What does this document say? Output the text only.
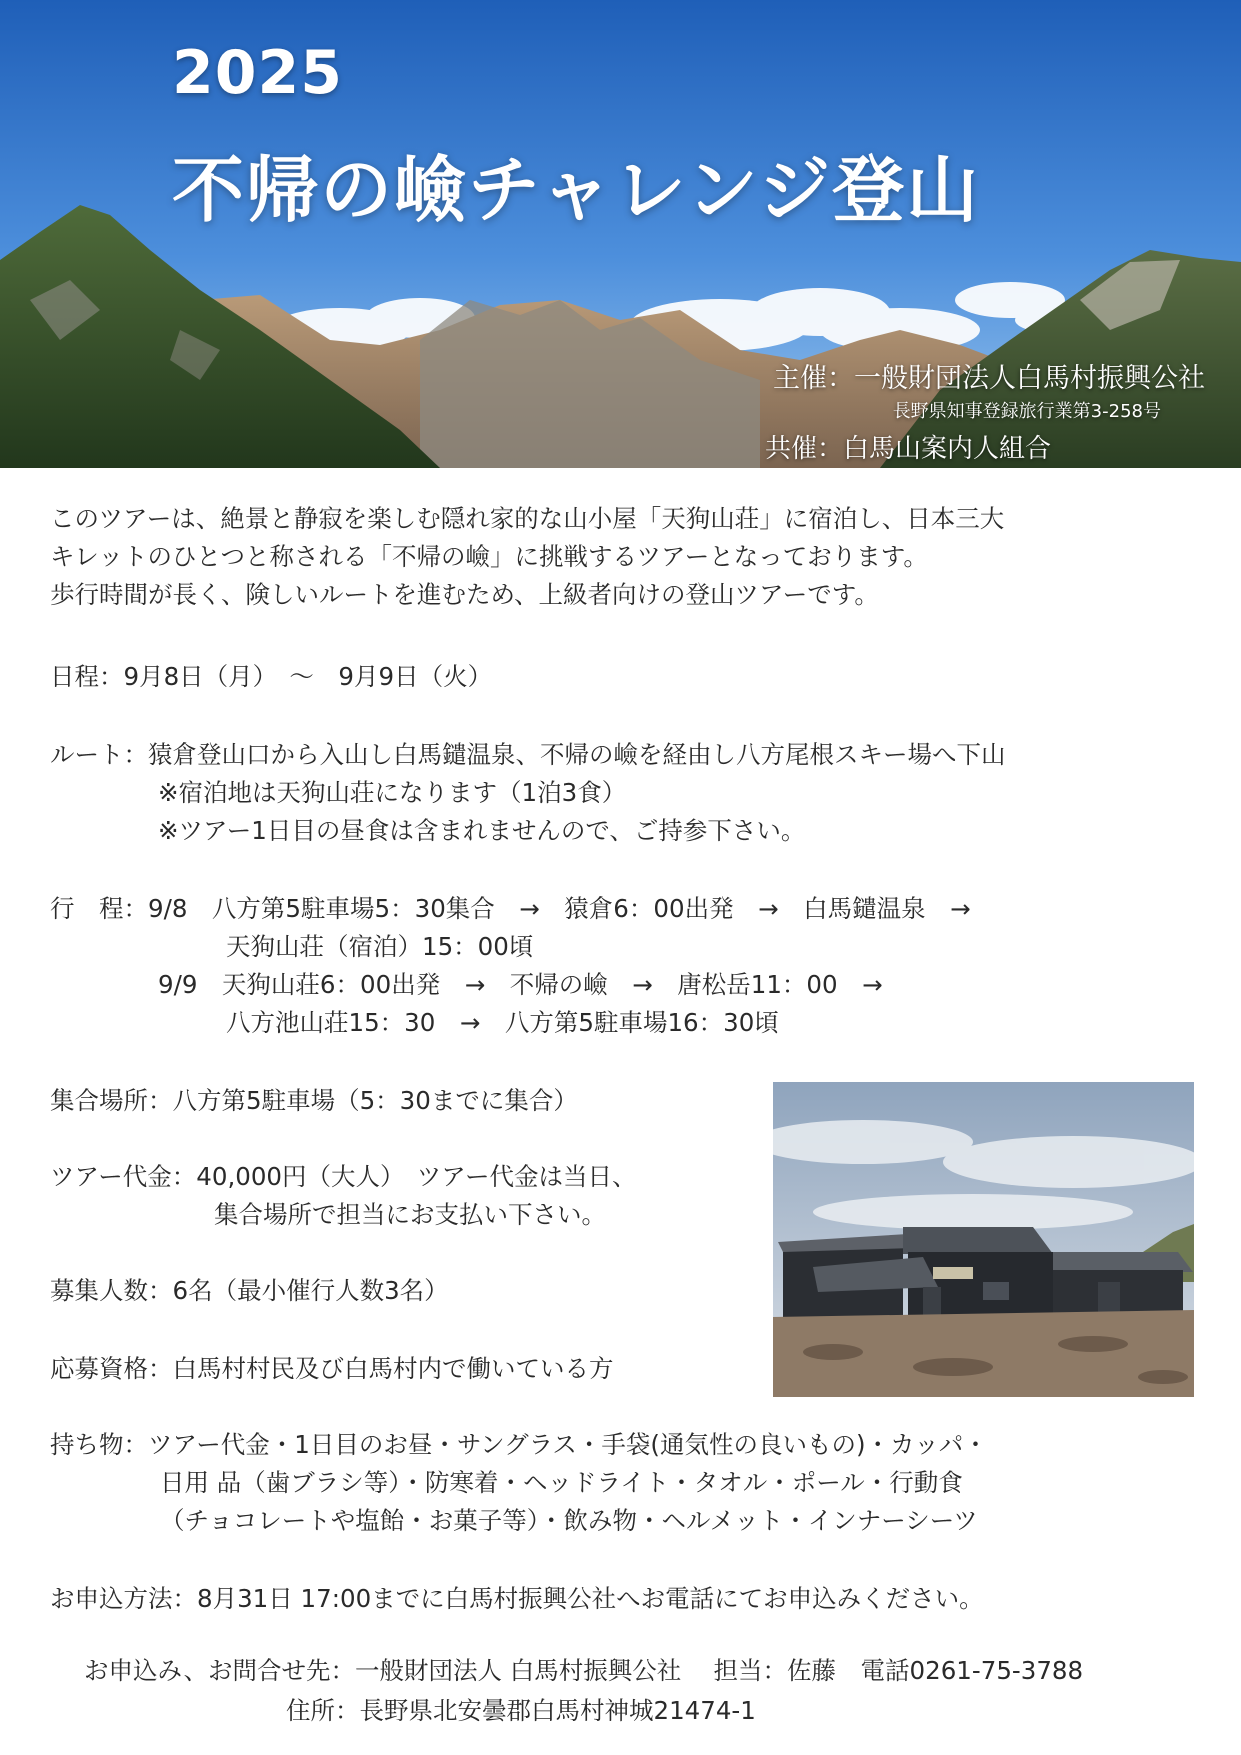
2025
不帰の嶮チャレンジ登山
主催：一般財団法人白馬村振興公社
長野県知事登録旅行業第3-258号
共催：白馬山案内人組合

このツアーは、絶景と静寂を楽しむ隠れ家的な山小屋「天狗山荘」に宿泊し、日本三大

キレットのひとつと称される「不帰の嶮」に挑戦するツアーとなっております。

歩行時間が長く、険しいルートを進むため、上級者向けの登山ツアーです。

日程：9月8日（月）　～　9月9日（火）

ルート：猿倉登山口から入山し白馬鑓温泉、不帰の嶮を経由し八方尾根スキー場へ下山

※宿泊地は天狗山荘になります（1泊3食）

※ツアー1日目の昼食は含まれませんので、ご持参下さい。

行　程：9/8　八方第5駐車場5：30集合　→　猿倉6：00出発　→　白馬鑓温泉　→

天狗山荘（宿泊）15：00頃

9/9　天狗山荘6：00出発　→　不帰の嶮　→　唐松岳11：00　→

八方池山荘15：30　→　八方第5駐車場16：30頃

集合場所：八方第5駐車場（5：30までに集合）

ツアー代金：40,000円（大人）　ツアー代金は当日、

集合場所で担当にお支払い下さい。

募集人数：6名（最小催行人数3名）

応募資格：白馬村村民及び白馬村内で働いている方

持ち物：ツアー代金・1日目のお昼・サングラス・手袋(通気性の良いもの)・カッパ・

日用 品（歯ブラシ等）・防寒着・ヘッドライト・タオル・ポール・行動食

（チョコレートや塩飴・お菓子等）・飲み物・ヘルメット・インナーシーツ

お申込方法：8月31日 17:00までに白馬村振興公社へお電話にてお申込みください。

お申込み、お問合せ先：一般財団法人 白馬村振興公社　 担当：佐藤　電話0261-75-3788
住所：長野県北安曇郡白馬村神城21474-1
